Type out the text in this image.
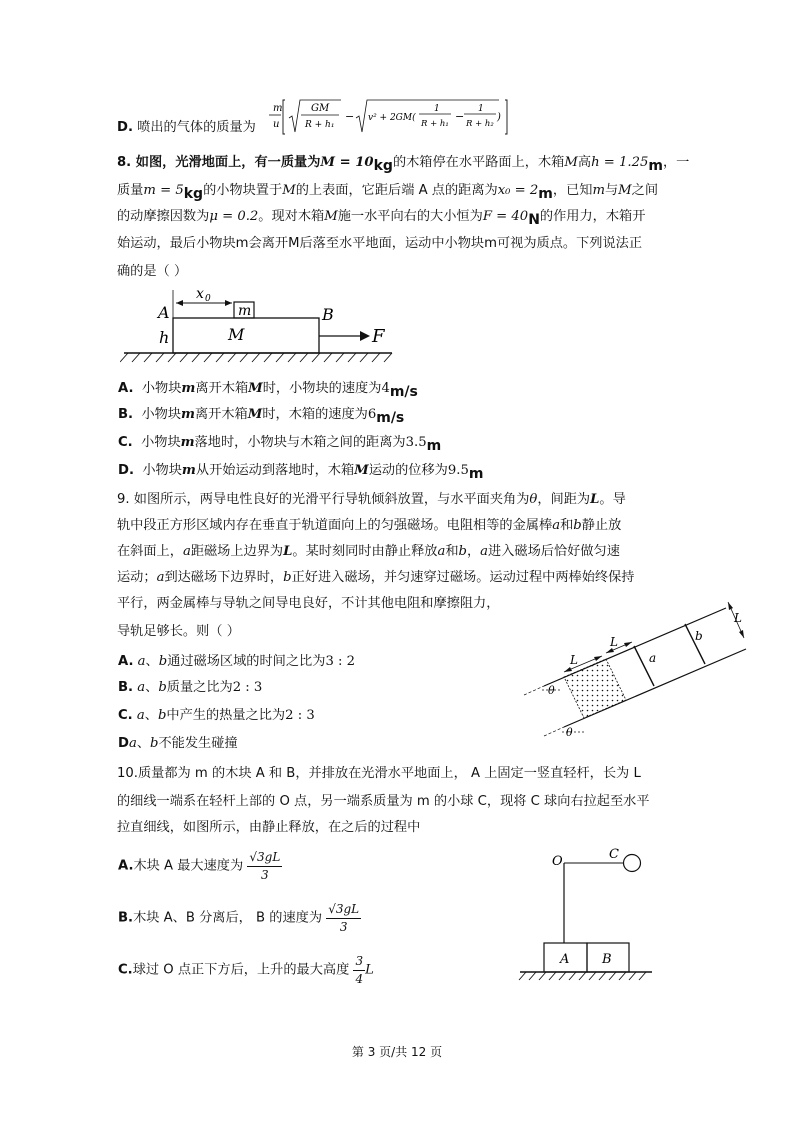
D. 喷出的气体的质量为
m
u
GM
R + h₁
− v² + 2GM(
1
R + h₁
−
1
R + h₂
)
8. 如图，光滑地面上，有一质量为M = 10kg的木箱停在水平路面上，木箱M高h = 1.25m，一
质量m = 5kg的小物块置于M的上表面，它距后端 A 点的距离为x₀ = 2m，已知m与M之间
的动摩擦因数为μ = 0.2。现对木箱M施一水平向右的大小恒为F = 40N的作用力，木箱开
始运动，最后小物块m会离开M后落至水平地面，运动中小物块m可视为质点。下列说法正
确的是（ ）
x 0
m
M
A
h
B
F
A. 小物块m离开木箱M时，小物块的速度为4m/s
B. 小物块m离开木箱M时，木箱的速度为6m/s
C. 小物块m落地时，小物块与木箱之间的距离为3.5m
D. 小物块m从开始运动到落地时，木箱M运动的位移为9.5m
9. 如图所示，两导电性良好的光滑平行导轨倾斜放置，与水平面夹角为θ，间距为L。导
轨中段正方形区域内存在垂直于轨道面向上的匀强磁场。电阻相等的金属棒a和b静止放
在斜面上，a距磁场上边界为L。某时刻同时由静止释放a和b，a进入磁场后恰好做匀速
运动；a到达磁场下边界时，b正好进入磁场，并匀速穿过磁场。运动过程中两棒始终保持
平行，两金属棒与导轨之间导电良好，不计其他电阻和摩擦阻力，
导轨足够长。则（ ）
θ
θ
a
b
L
L
L
A. a、b通过磁场区域的时间之比为3 : 2
B. a、b质量之比为2 : 3
C. a、b中产生的热量之比为2 : 3
Da、b不能发生碰撞
10.质量都为 m 的木块 A 和 B，并排放在光滑水平地面上， A 上固定一竖直轻杆，长为 L
的细线一端系在轻杆上部的 O 点，另一端系质量为 m 的小球 C，现将 C 球向右拉起至水平
拉直细线，如图所示，由静止释放，在之后的过程中
A.木块 A 最大速度为 $\frac{√3gL}{3}$
B.木块 A、B 分离后， B 的速度为 $\frac{√3gL}{3}$
C.球过 O 点正下方后，上升的最大高度 $\frac{3}{4}$ L
A	B
O	C
第 3 页/共 12 页
